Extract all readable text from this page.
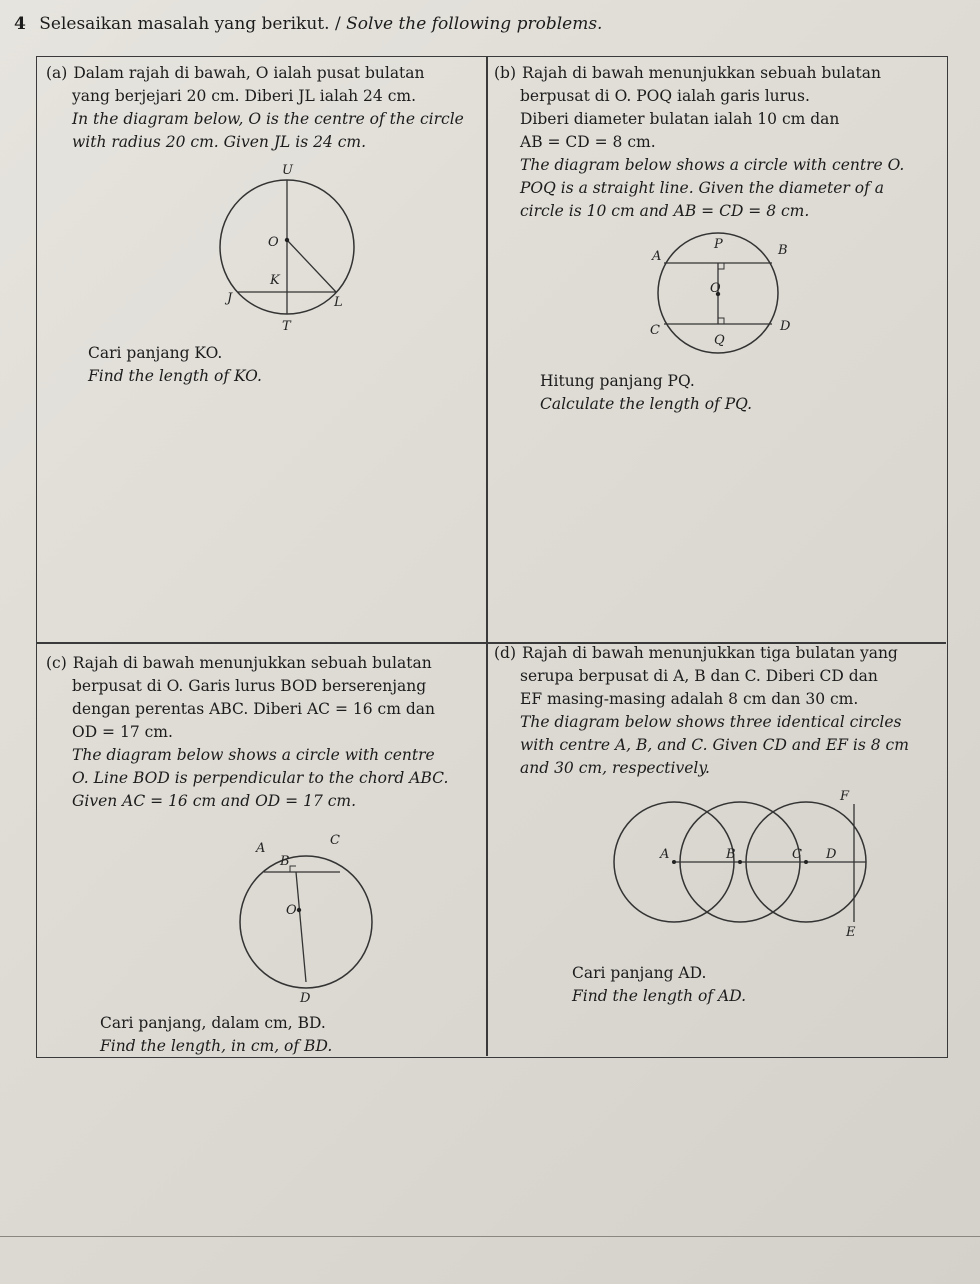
4 Selesaikan masalah yang berikut. / Solve the following problems.

(a) Dalam rajah di bawah, O ialah pusat bulatan

yang berjejari 20 cm. Diberi JL ialah 24 cm.

In the diagram below, O is the centre of the circle

with radius 20 cm. Given JL is 24 cm.

U
O
K
J	L
T

Cari panjang KO.

Find the length of KO.

(b) Rajah di bawah menunjukkan sebuah bulatan

berpusat di O. POQ ialah garis lurus.

Diberi diameter bulatan ialah 10 cm dan

AB = CD = 8 cm.

The diagram below shows a circle with centre O.

POQ is a straight line. Given the diameter of a

circle is 10 cm and AB = CD = 8 cm.

A
P	B
O
C
Q
D

Hitung panjang PQ.

Calculate the length of PQ.

(c) Rajah di bawah menunjukkan sebuah bulatan

berpusat di O. Garis lurus BOD berserenjang

dengan perentas ABC. Diberi AC = 16 cm dan

OD = 17 cm.

The diagram below shows a circle with centre

O. Line BOD is perpendicular to the chord ABC.

Given AC = 16 cm and OD = 17 cm.

A
C
B
O
D

Cari panjang, dalam cm, BD.

Find the length, in cm, of BD.

(d) Rajah di bawah menunjukkan tiga bulatan yang

serupa berpusat di A, B dan C. Diberi CD dan

EF masing-masing adalah 8 cm dan 30 cm.

The diagram below shows three identical circles

with centre A, B, and C. Given CD and EF is 8 cm

and 30 cm, respectively.

F
A	B	C D
E

Cari panjang AD.

Find the length of AD.
